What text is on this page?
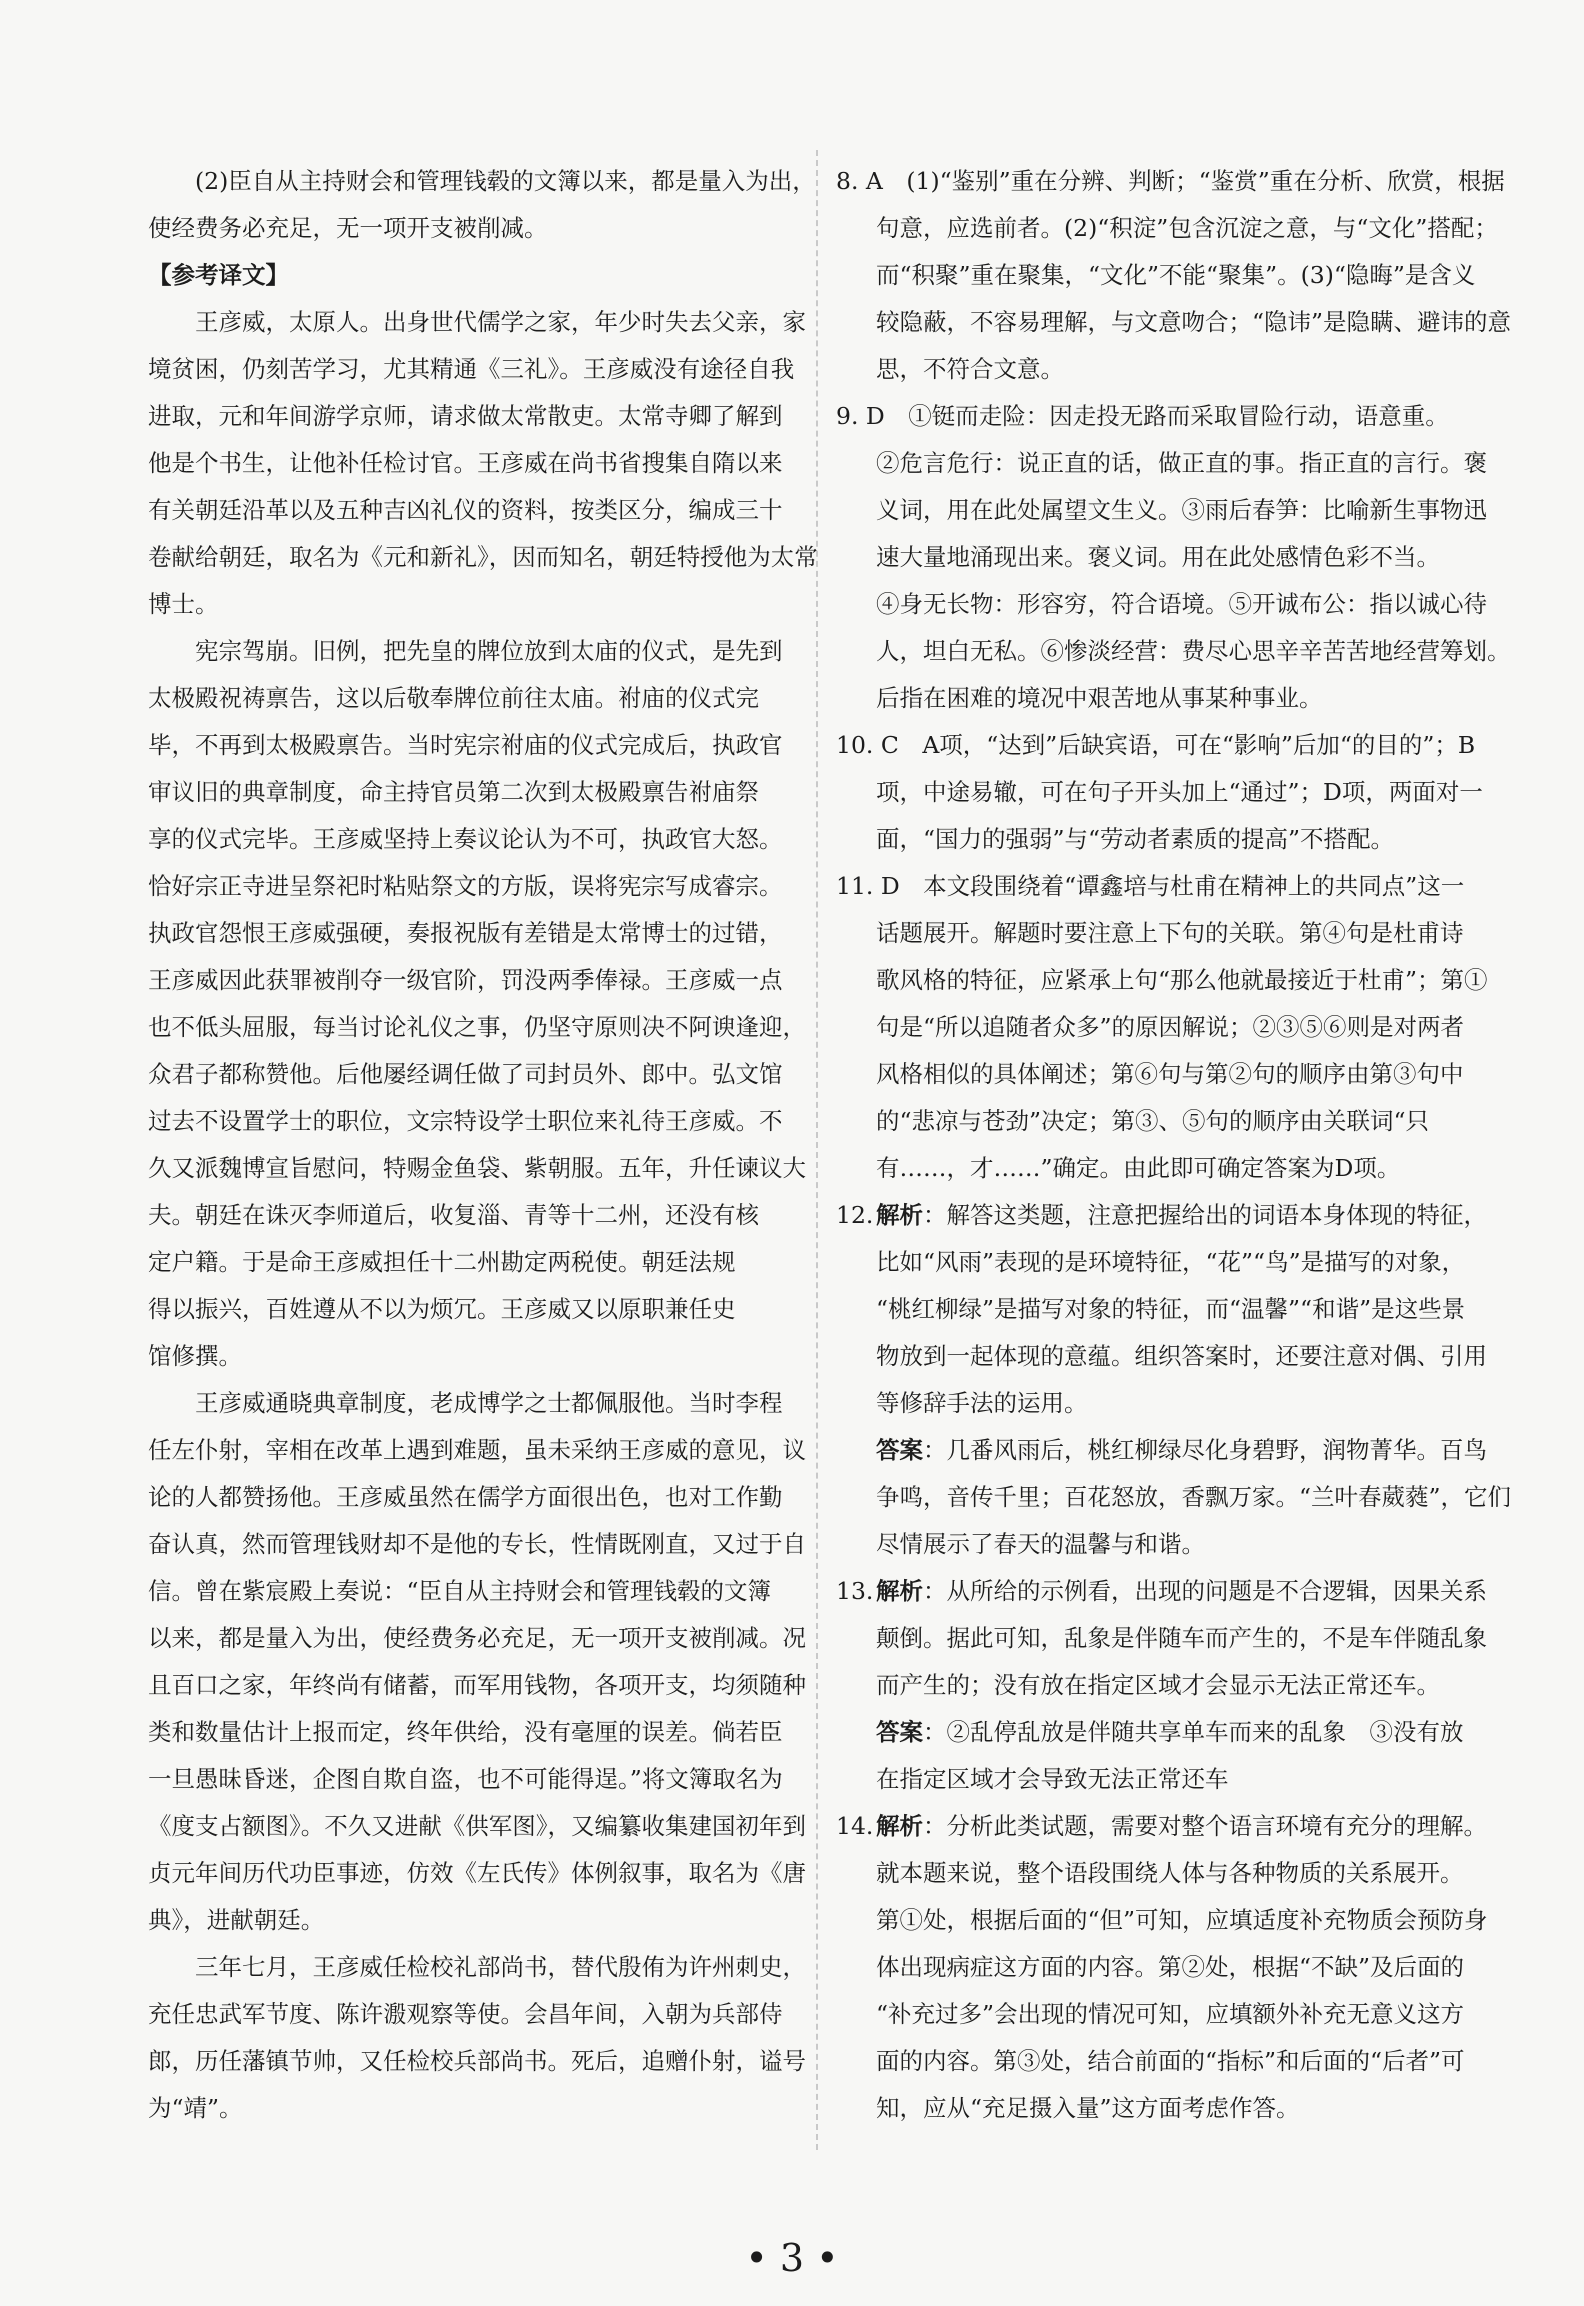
(2)臣自从主持财会和管理钱毂的文簿以来，都是量入为出，
使经费务必充足，无一项开支被削减。
【参考译文】
王彦威，太原人。出身世代儒学之家，年少时失去父亲，家
境贫困，仍刻苦学习，尤其精通《三礼》。王彦威没有途径自我
进取，元和年间游学京师，请求做太常散吏。太常寺卿了解到
他是个书生，让他补任检讨官。王彦威在尚书省搜集自隋以来
有关朝廷沿革以及五种吉凶礼仪的资料，按类区分，编成三十
卷献给朝廷，取名为《元和新礼》，因而知名，朝廷特授他为太常
博士。
宪宗驾崩。旧例，把先皇的牌位放到太庙的仪式，是先到
太极殿祝祷禀告，这以后敬奉牌位前往太庙。祔庙的仪式完
毕，不再到太极殿禀告。当时宪宗祔庙的仪式完成后，执政官
审议旧的典章制度，命主持官员第二次到太极殿禀告祔庙祭
享的仪式完毕。王彦威坚持上奏议论认为不可，执政官大怒。
恰好宗正寺进呈祭祀时粘贴祭文的方版，误将宪宗写成睿宗。
执政官怨恨王彦威强硬，奏报祝版有差错是太常博士的过错，
王彦威因此获罪被削夺一级官阶，罚没两季俸禄。王彦威一点
也不低头屈服，每当讨论礼仪之事，仍坚守原则决不阿谀逢迎，
众君子都称赞他。后他屡经调任做了司封员外、郎中。弘文馆
过去不设置学士的职位，文宗特设学士职位来礼待王彦威。不
久又派魏博宣旨慰问，特赐金鱼袋、紫朝服。五年，升任谏议大
夫。朝廷在诛灭李师道后，收复淄、青等十二州，还没有核
定户籍。于是命王彦威担任十二州勘定两税使。朝廷法规
得以振兴，百姓遵从不以为烦冗。王彦威又以原职兼任史
馆修撰。
王彦威通晓典章制度，老成博学之士都佩服他。当时李程
任左仆射，宰相在改革上遇到难题，虽未采纳王彦威的意见，议
论的人都赞扬他。王彦威虽然在儒学方面很出色，也对工作勤
奋认真，然而管理钱财却不是他的专长，性情既刚直，又过于自
信。曾在紫宸殿上奏说：“臣自从主持财会和管理钱毂的文簿
以来，都是量入为出，使经费务必充足，无一项开支被削减。况
且百口之家，年终尚有储蓄，而军用钱物，各项开支，均须随种
类和数量估计上报而定，终年供给，没有毫厘的误差。倘若臣
一旦愚昧昏迷，企图自欺自盗，也不可能得逞。”将文簿取名为
《度支占额图》。不久又进献《供军图》，又编纂收集建国初年到
贞元年间历代功臣事迹，仿效《左氏传》体例叙事，取名为《唐
典》，进献朝廷。
三年七月，王彦威任检校礼部尚书，替代殷侑为许州刺史，
充任忠武军节度、陈许溵观察等使。会昌年间，入朝为兵部侍
郎，历任藩镇节帅，又任检校兵部尚书。死后，追赠仆射，谥号
为“靖”。
8. A　(1)“鉴别”重在分辨、判断；“鉴赏”重在分析、欣赏，根据
句意，应选前者。(2)“积淀”包含沉淀之意，与“文化”搭配；
而“积聚”重在聚集，“文化”不能“聚集”。(3)“隐晦”是含义
较隐蔽，不容易理解，与文意吻合；“隐讳”是隐瞒、避讳的意
思，不符合文意。
9. D　①铤而走险：因走投无路而采取冒险行动，语意重。
②危言危行：说正直的话，做正直的事。指正直的言行。褒
义词，用在此处属望文生义。③雨后春笋：比喻新生事物迅
速大量地涌现出来。褒义词。用在此处感情色彩不当。
④身无长物：形容穷，符合语境。⑤开诚布公：指以诚心待
人，坦白无私。⑥惨淡经营：费尽心思辛辛苦苦地经营筹划。
后指在困难的境况中艰苦地从事某种事业。
10. C　A项，“达到”后缺宾语，可在“影响”后加“的目的”；B
项，中途易辙，可在句子开头加上“通过”；D项，两面对一
面，“国力的强弱”与“劳动者素质的提高”不搭配。
11. D　本文段围绕着“谭鑫培与杜甫在精神上的共同点”这一
话题展开。解题时要注意上下句的关联。第④句是杜甫诗
歌风格的特征，应紧承上句“那么他就最接近于杜甫”；第①
句是“所以追随者众多”的原因解说；②③⑤⑥则是对两者
风格相似的具体阐述；第⑥句与第②句的顺序由第③句中
的“悲凉与苍劲”决定；第③、⑤句的顺序由关联词“只
有……，才……”确定。由此即可确定答案为D项。
12. 解析：解答这类题，注意把握给出的词语本身体现的特征，
比如“风雨”表现的是环境特征，“花”“鸟”是描写的对象，
“桃红柳绿”是描写对象的特征，而“温馨”“和谐”是这些景
物放到一起体现的意蕴。组织答案时，还要注意对偶、引用
等修辞手法的运用。
答案：几番风雨后，桃红柳绿尽化身碧野，润物菁华。百鸟
争鸣，音传千里；百花怒放，香飘万家。“兰叶春葳蕤”，它们
尽情展示了春天的温馨与和谐。
13. 解析：从所给的示例看，出现的问题是不合逻辑，因果关系
颠倒。据此可知，乱象是伴随车而产生的，不是车伴随乱象
而产生的；没有放在指定区域才会显示无法正常还车。
答案：②乱停乱放是伴随共享单车而来的乱象　③没有放
在指定区域才会导致无法正常还车
14. 解析：分析此类试题，需要对整个语言环境有充分的理解。
就本题来说，整个语段围绕人体与各种物质的关系展开。
第①处，根据后面的“但”可知，应填适度补充物质会预防身
体出现病症这方面的内容。第②处，根据“不缺”及后面的
“补充过多”会出现的情况可知，应填额外补充无意义这方
面的内容。第③处，结合前面的“指标”和后面的“后者”可
知，应从“充足摄入量”这方面考虑作答。
• 3 •
